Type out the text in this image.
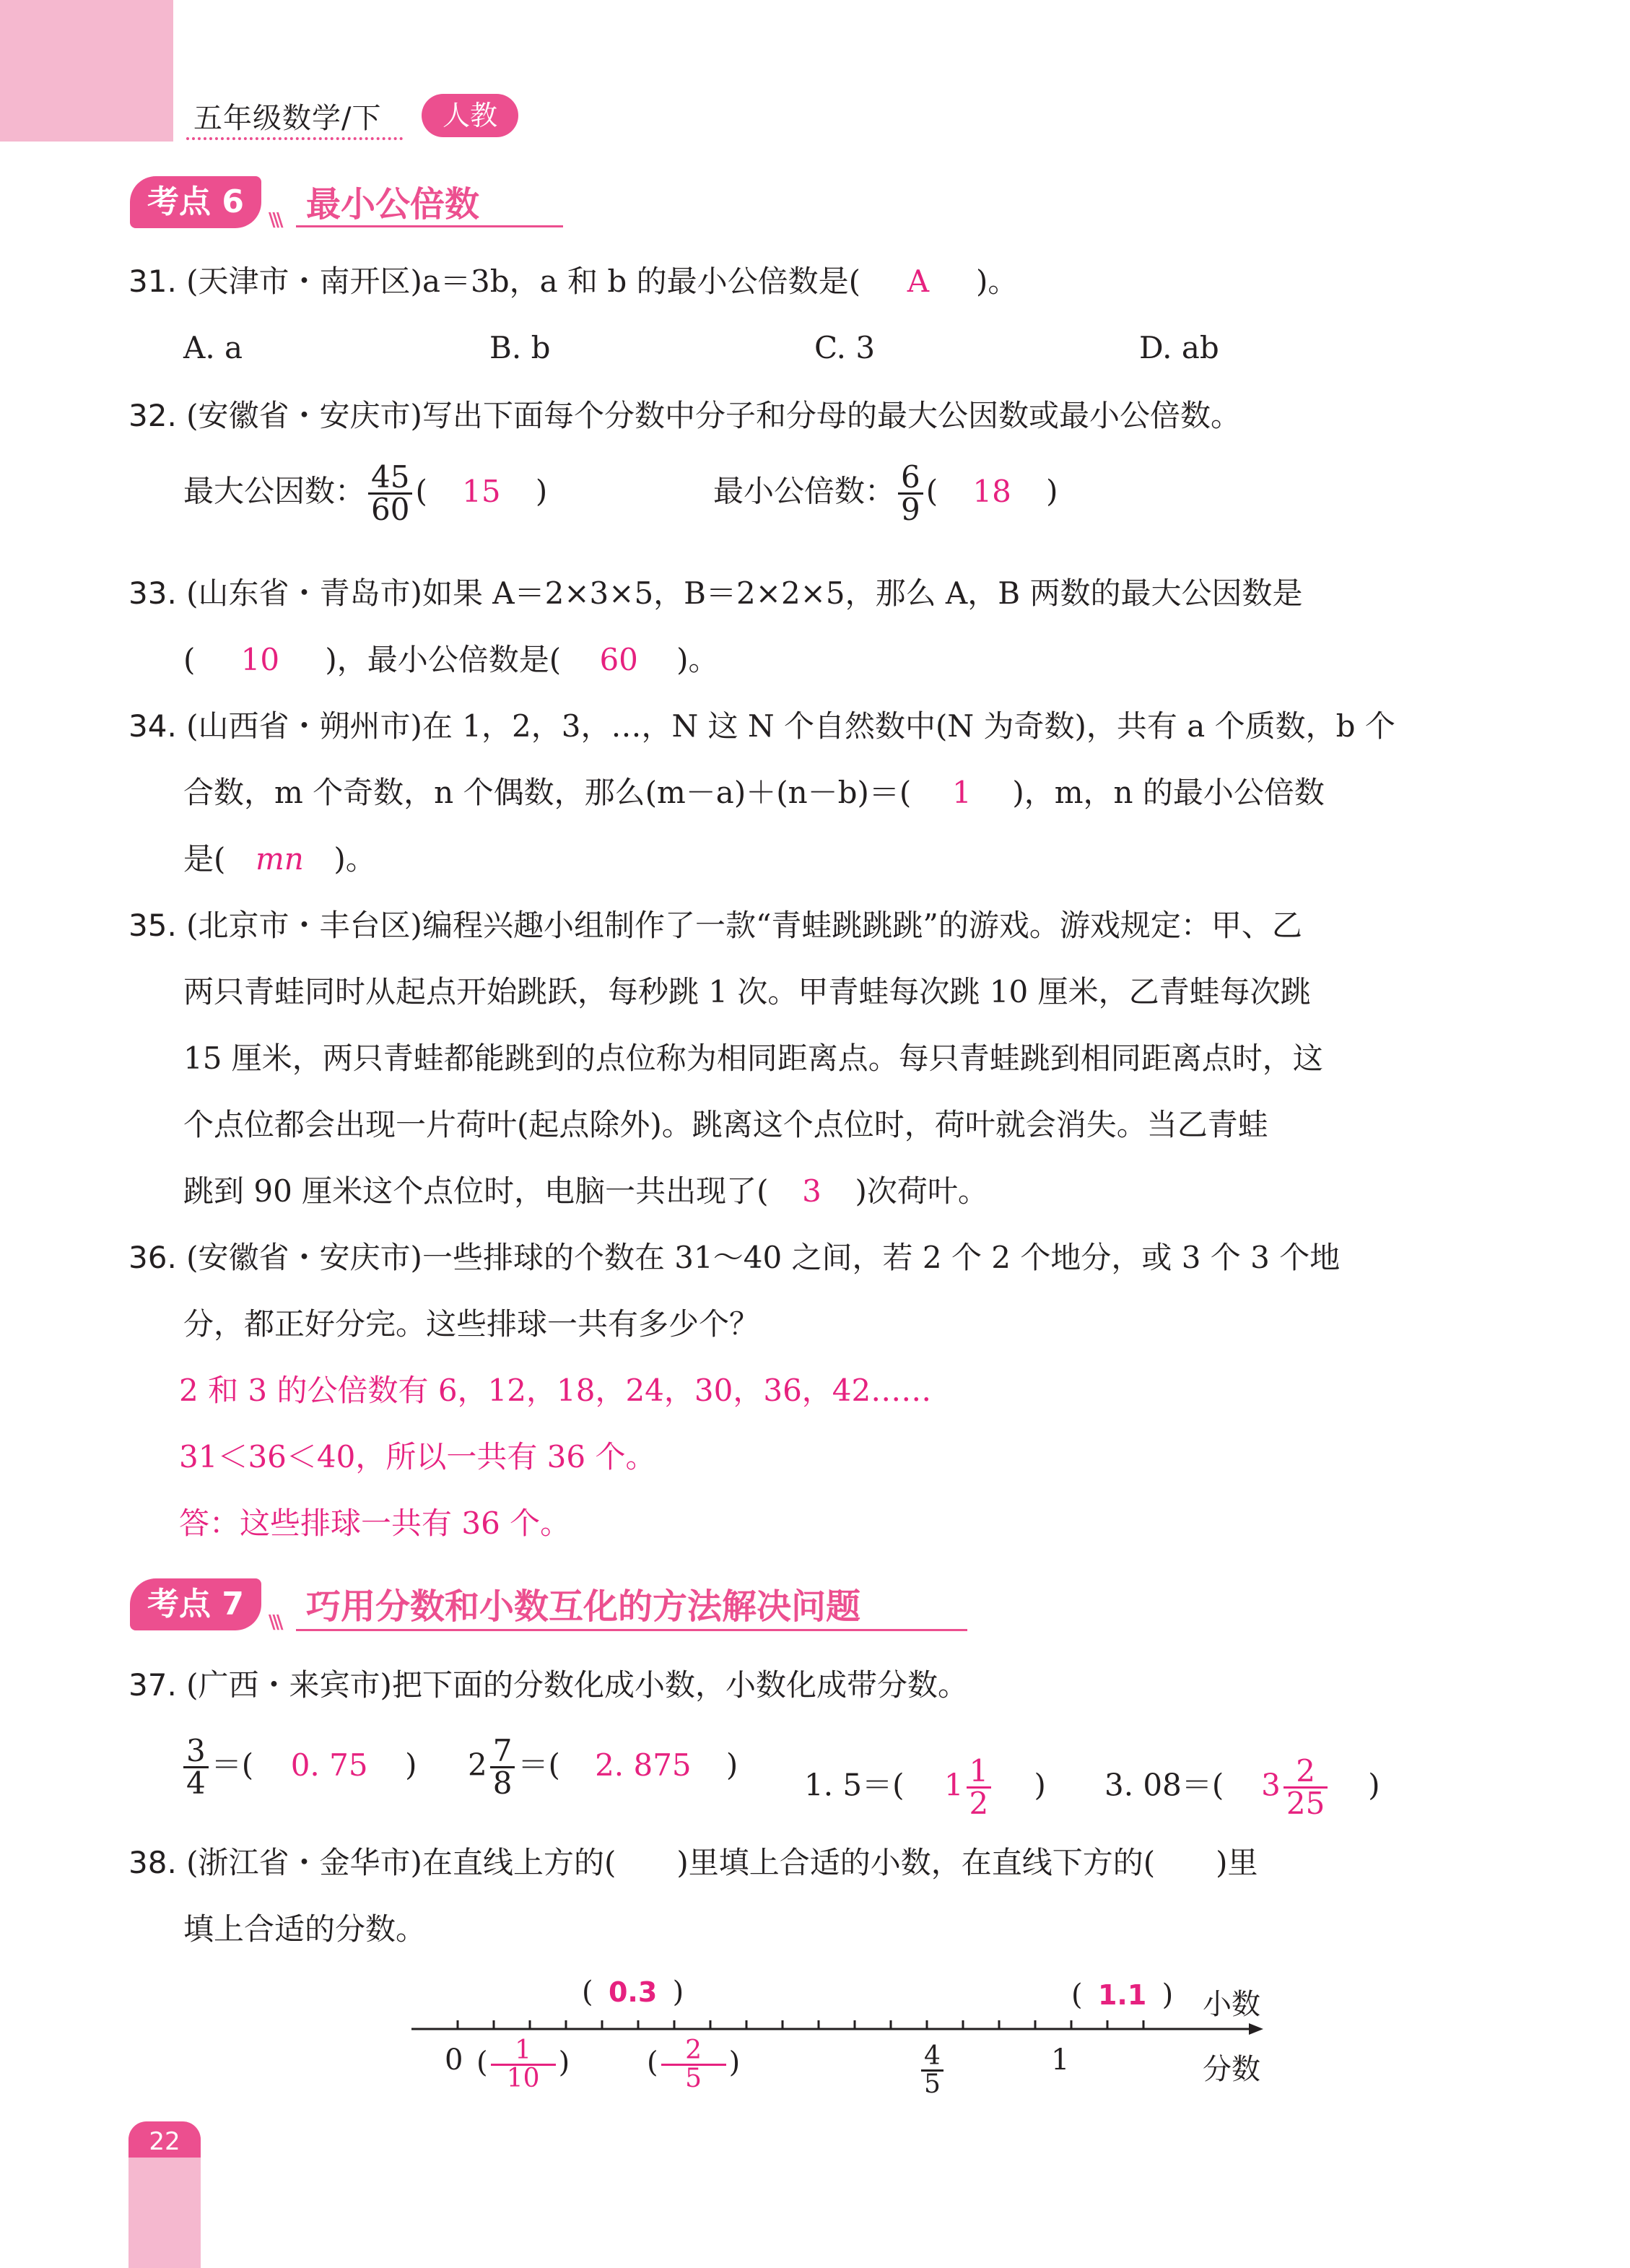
五年级数学/下	人教
考点 6	\\\ 最小公倍数
31. (天津市・南开区)a＝3b，a 和 b 的最小公倍数是( A )。
A. a	B. b	C. 3	D. ab
32. (安徽省・安庆市)写出下面每个分数中分子和分母的最大公因数或最小公倍数。
最大公因数： $\frac{45}{60}$ ( 15 )	最小公倍数： $\frac{6}{9}$ ( 18 )
33. (山东省・青岛市)如果 A＝2×3×5，B＝2×2×5，那么 A，B 两数的最大公因数是
( 10 )，最小公倍数是( 60 )。
34. (山西省・朔州市)在 1，2，3，…，N 这 N 个自然数中(N 为奇数)，共有 a 个质数，b 个
合数，m 个奇数，n 个偶数，那么(m－a)＋(n－b)＝( 1 )，m，n 的最小公倍数
是( mn )。
35. (北京市・丰台区)编程兴趣小组制作了一款“青蛙跳跳跳”的游戏。游戏规定：甲、乙
两只青蛙同时从起点开始跳跃，每秒跳 1 次。甲青蛙每次跳 10 厘米，乙青蛙每次跳
15 厘米，两只青蛙都能跳到的点位称为相同距离点。每只青蛙跳到相同距离点时，这
个点位都会出现一片荷叶(起点除外)。跳离这个点位时，荷叶就会消失。当乙青蛙
跳到 90 厘米这个点位时，电脑一共出现了( 3 )次荷叶。
36. (安徽省・安庆市)一些排球的个数在 31～40 之间，若 2 个 2 个地分，或 3 个 3 个地
分，都正好分完。这些排球一共有多少个？
2 和 3 的公倍数有 6，12，18，24，30，36，42……
31＜36＜40，所以一共有 36 个。
答：这些排球一共有 36 个。
考点 7	\\\ 巧用分数和小数互化的方法解决问题
37. (广西・来宾市)把下面的分数化成小数，小数化成带分数。
$\frac{3}{4}$ ＝( 0. 75 ) $2 \frac{7}{8}$ ＝( 2. 875 )
1. 5＝( $1 \frac{1}{2}$ ) 3. 08＝( $3 \frac{2}{25}$ )
38. (浙江省・金华市)在直线上方的(　　)里填上合适的小数，在直线下方的(　　)里
填上合适的分数。
( 0.3 )	( 1.1 ) 小数
0 ( $\frac{1}{10}$ )	( $\frac{2}{5}$ )	$\frac{4}{5}$	1	分数
22
